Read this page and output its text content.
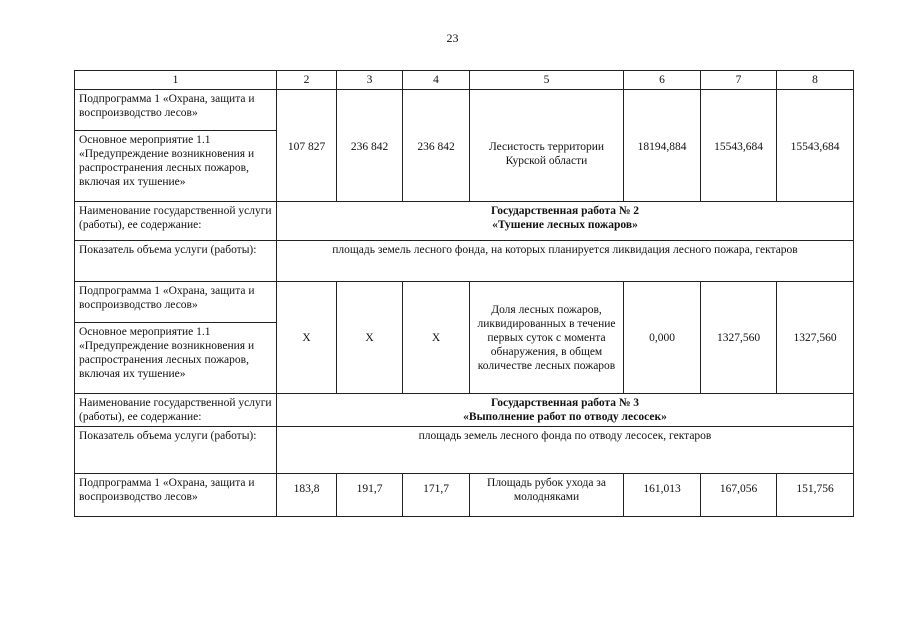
23
1	2	3	4	5	6	7	8
Подпрограмма 1 «Охрана, защита и воспроизводство лесов»	107 827	236 842	236 842	Лесистость территории Курской области	18194,884	15543,684	15543,684
Основное мероприятие 1.1 «Предупреждение возникновения и распространения лесных пожаров, включая их тушение»							
Наименование государственной услуги (работы), ее содержание:	Государственная работа № 2
«Тушение лесных пожаров»						
Показатель объема услуги (работы):	площадь земель лесного фонда, на которых планируется ликвидация лесного пожара, гектаров						
Подпрограмма 1 «Охрана, защита и воспроизводство лесов»	Х	Х	Х	Доля лесных пожаров, ликвидированных в течение первых суток с момента обнаружения, в общем количестве лесных пожаров	0,000	1327,560	1327,560
Основное мероприятие 1.1 «Предупреждение возникновения и распространения лесных пожаров, включая их тушение»							
Наименование государственной услуги (работы), ее содержание:	Государственная работа № 3
«Выполнение работ по отводу лесосек»						
Показатель объема услуги (работы):	площадь земель лесного фонда по отводу лесосек, гектаров						
Подпрограмма 1 «Охрана, защита и воспроизводство лесов»	183,8	191,7	171,7	Площадь рубок ухода за молодняками	161,013	167,056	151,756
